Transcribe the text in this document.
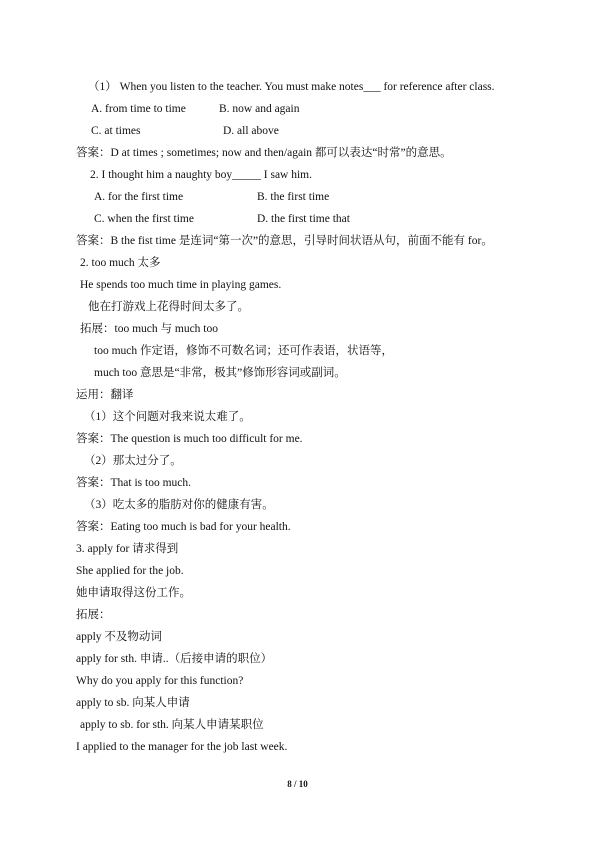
（1） When you listen to the teacher. You must make notes___ for reference after class.
A. from time to time	B. now and again
C. at times	D. all above
答案：D at times ; sometimes; now and then/again 都可以表达“时常”的意思。
2. I thought him a naughty boy_____ I saw him.
A. for the first time	B. the first time
C. when the first time	D. the first time that
答案：B the fist time 是连词“第一次”的意思，引导时间状语从句，前面不能有 for。
2. too much 太多
He spends too much time in playing games.
他在打游戏上花得时间太多了。
拓展：too much 与 much too
too much 作定语，修饰不可数名词；还可作表语，状语等，
much too 意思是“非常，极其”修饰形容词或副词。
运用：翻译
（1）这个问题对我来说太难了。
答案：The question is much too difficult for me.
（2）那太过分了。
答案：That is too much.
（3）吃太多的脂肪对你的健康有害。
答案：Eating too much is bad for your health.
3. apply for 请求得到
She applied for the job.
她申请取得这份工作。
拓展：
apply 不及物动词
apply for sth. 申请..（后接申请的职位）
Why do you apply for this function?
apply to sb. 向某人申请
apply to sb. for sth. 向某人申请某职位
I applied to the manager for the job last week.
8 / 10
